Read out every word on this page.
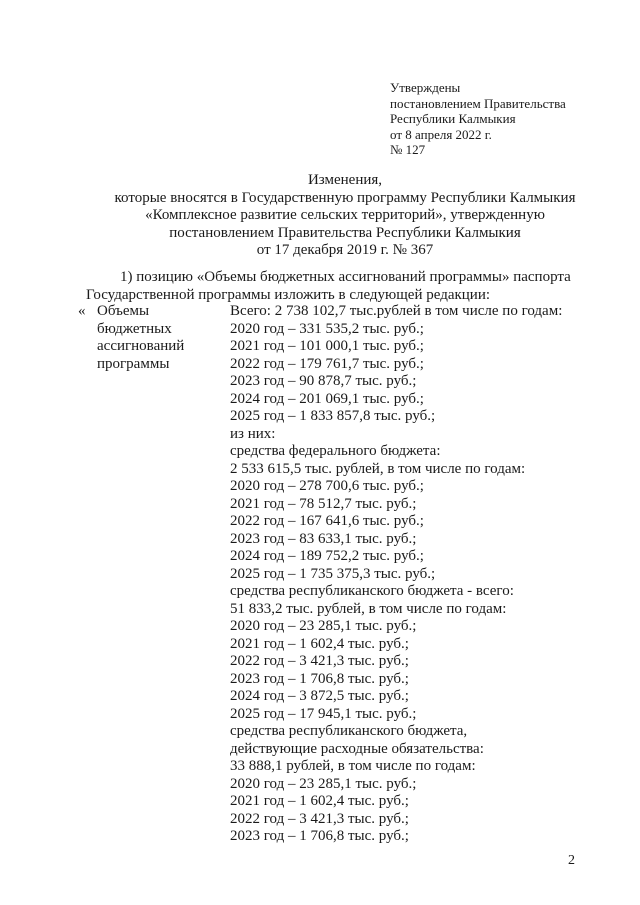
Утверждены
постановлением Правительства
Республики Калмыкия
от 8 апреля 2022 г.
№ 127
Изменения,
которые вносятся в Государственную программу Республики Калмыкия
«Комплексное развитие сельских территорий», утвержденную
постановлением Правительства Республики Калмыкия
от 17 декабря 2019 г. № 367
1) позицию «Объемы бюджетных ассигнований программы» паспорта
Государственной программы изложить в следующей редакции:
« Объемы
бюджетных
ассигнований
программы
Всего: 2 738 102,7 тыс.рублей в том числе по годам:
2020 год – 331 535,2 тыс. руб.;
2021 год – 101 000,1 тыс. руб.;
2022 год – 179 761,7 тыс. руб.;
2023 год – 90 878,7 тыс. руб.;
2024 год – 201 069,1 тыс. руб.;
2025 год – 1 833 857,8 тыс. руб.;
из них:
средства федерального бюджета:
2 533 615,5 тыс. рублей, в том числе по годам:
2020 год – 278 700,6 тыс. руб.;
2021 год – 78 512,7 тыс. руб.;
2022 год – 167 641,6 тыс. руб.;
2023 год – 83 633,1 тыс. руб.;
2024 год – 189 752,2 тыс. руб.;
2025 год – 1 735 375,3 тыс. руб.;
средства республиканского бюджета - всего:
51 833,2 тыс. рублей, в том числе по годам:
2020 год – 23 285,1 тыс. руб.;
2021 год – 1 602,4 тыс. руб.;
2022 год – 3 421,3 тыс. руб.;
2023 год – 1 706,8 тыс. руб.;
2024 год – 3 872,5 тыс. руб.;
2025 год – 17 945,1 тыс. руб.;
средства республиканского бюджета,
действующие расходные обязательства:
33 888,1 рублей, в том числе по годам:
2020 год – 23 285,1 тыс. руб.;
2021 год – 1 602,4 тыс. руб.;
2022 год – 3 421,3 тыс. руб.;
2023 год – 1 706,8 тыс. руб.;
2
